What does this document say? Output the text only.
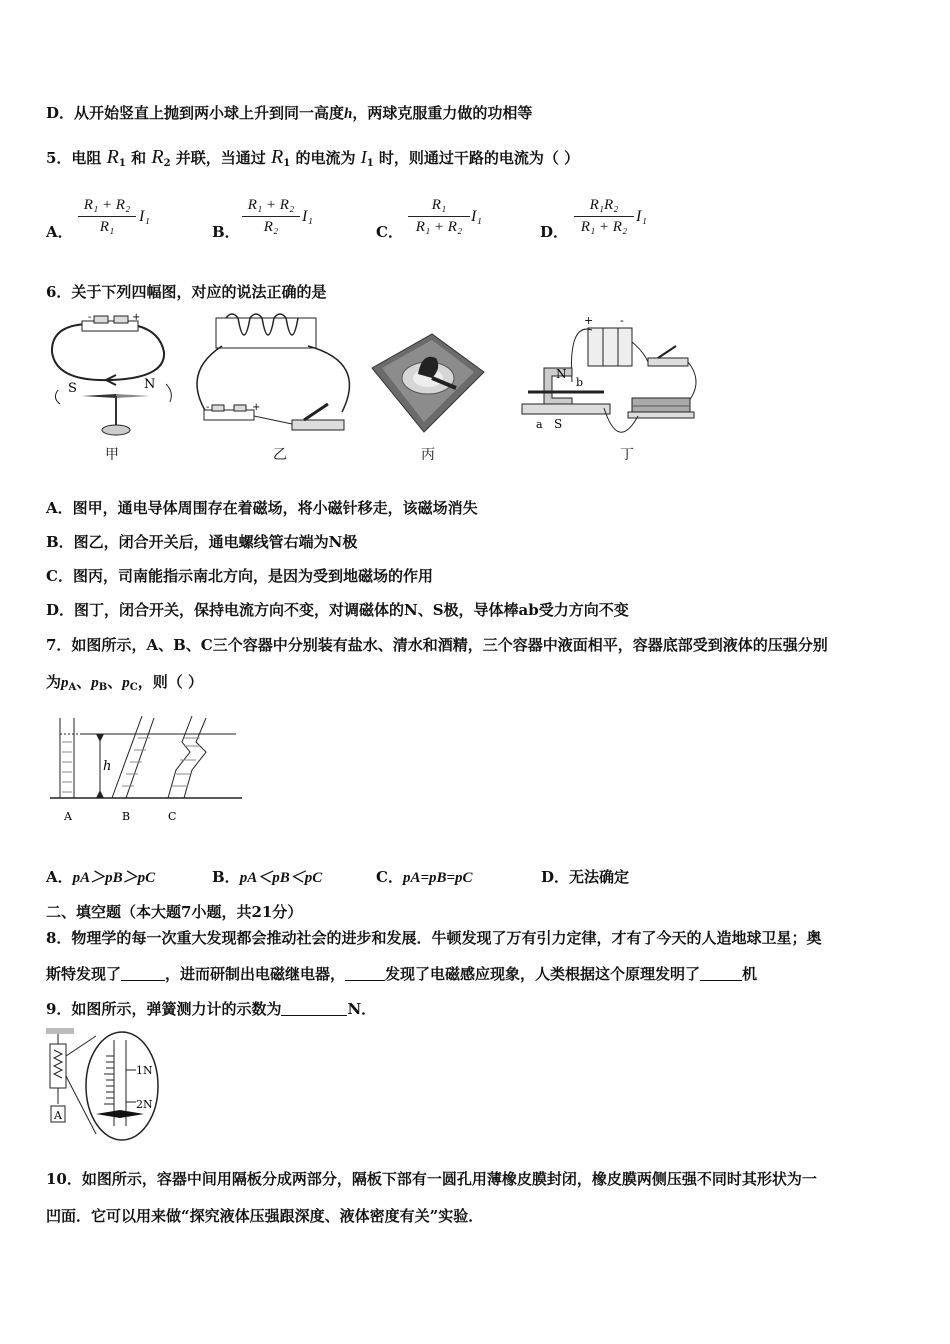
D．从开始竖直上抛到两小球上升到同一高度h，两球克服重力做的功相等
5．电阻 $R_1$ 和 $R_2$ 并联，当通过 $R_1$ 的电流为 $I_1$ 时，则通过干路的电流为（ ）
A．
R₁ + R₂
R₁
I₁
B．
R₁ + R₂
R₂
I₁
C．
R₁
R₁ + R₂
I₁
D．
R₁R₂
R₁ + R₂
I₁
6．关于下列四幅图，对应的说法正确的是
-	+
S	N
甲
-	+
乙	丙
+ -
N
b
a S
丁
A．图甲，通电导体周围存在着磁场，将小磁针移走，该磁场消失
B．图乙，闭合开关后，通电螺线管右端为N极
C．图丙，司南能指示南北方向，是因为受到地磁场的作用
D．图丁，闭合开关，保持电流方向不变，对调磁体的N、S极，导体棒ab受力方向不变
7．如图所示，A、B、C三个容器中分别装有盐水、清水和酒精，三个容器中液面相平，容器底部受到液体的压强分别
为$p_A$、$p_B$、$p_C$，则（ ）
h
A	B	C
A．pA＞pB＞pC	B．pA＜pB＜pC	C．pA=pB=pC	D．无法确定
二、填空题（本大题7小题，共21分）
8．物理学的每一次重大发现都会推动社会的进步和发展．牛顿发现了万有引力定律，才有了今天的人造地球卫星；奥
斯特发现了	，进而研制出电磁继电器，	发现了电磁感应现象，人类根据这个原理发明了	机
9．如图所示，弹簧测力计的示数为	N．
A
1N
2N
10．如图所示，容器中间用隔板分成两部分，隔板下部有一圆孔用薄橡皮膜封闭，橡皮膜两侧压强不同时其形状为一
凹面．它可以用来做“探究液体压强跟深度、液体密度有关”实验．
